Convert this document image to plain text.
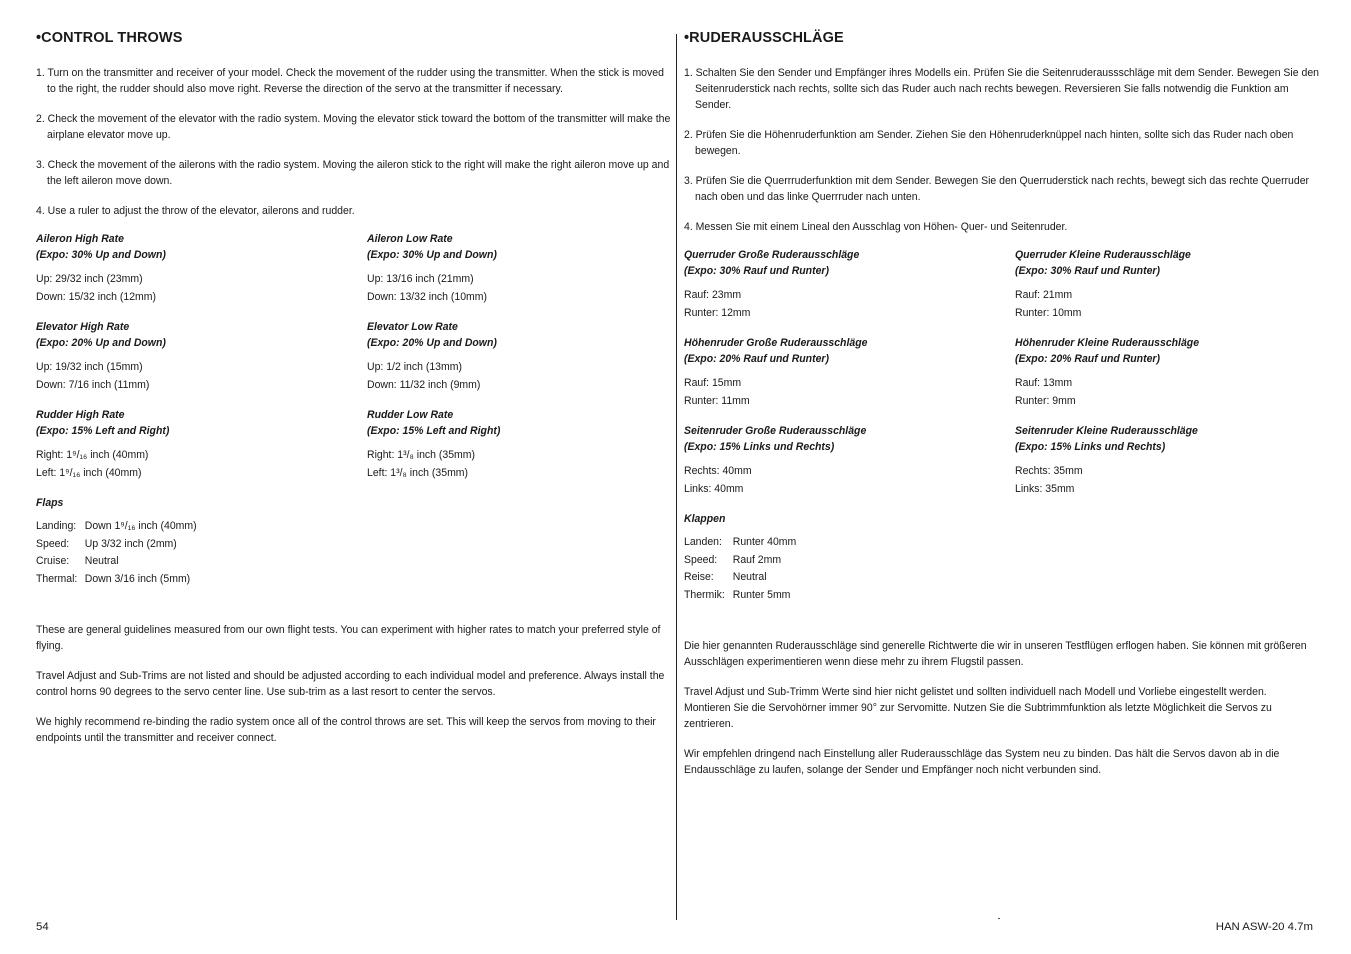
•CONTROL THROWS
1. Turn on the transmitter and receiver of your model. Check the movement of the rudder using the transmitter. When the stick is moved to the right, the rudder should also move right. Reverse the direction of the servo at the transmitter if necessary.
2. Check the movement of the elevator with the radio system. Moving the elevator stick toward the bottom of the transmitter will make the airplane elevator move up.
3. Check the movement of the ailerons with the radio system. Moving the aileron stick to the right will make the right aileron move up and the left aileron move down.
4. Use a ruler to adjust the throw of the elevator, ailerons and rudder.
Aileron High Rate
(Expo: 30% Up and Down)
Up: 29/32 inch (23mm)
Down: 15/32 inch (12mm)
Aileron Low Rate
(Expo: 30% Up and Down)
Up: 13/16 inch (21mm)
Down: 13/32 inch (10mm)
Elevator High Rate
(Expo: 20% Up and Down)
Up: 19/32 inch (15mm)
Down: 7/16 inch (11mm)
Elevator Low Rate
(Expo: 20% Up and Down)
Up: 1/2 inch (13mm)
Down: 11/32 inch (9mm)
Rudder High Rate
(Expo: 15% Left and Right)
Right: 1⁹/₁₆ inch (40mm)
Left: 1⁹/₁₆ inch (40mm)
Rudder Low Rate
(Expo: 15% Left and Right)
Right: 1³/₈ inch (35mm)
Left: 1³/₈ inch (35mm)
Flaps
Landing: Down 1⁹/₁₆ inch (40mm)
Speed:	Up 3/32 inch (2mm)
Cruise:	Neutral
Thermal: Down 3/16 inch (5mm)

These are general guidelines measured from our own flight tests. You can experiment with higher rates to match your preferred style of flying.

Travel Adjust and Sub-Trims are not listed and should be adjusted according to each individual model and preference. Always install the control horns 90 degrees to the servo center line. Use sub-trim as a last resort to center the servos.

We highly recommend re-binding the radio system once all of the control throws are set. This will keep the servos from moving to their endpoints until the transmitter and receiver connect.

•RUDERAUSSCHLÄGE
1. Schalten Sie den Sender und Empfänger ihres Modells ein. Prüfen Sie die Seitenruderaussschläge mit dem Sender. Bewegen Sie den Seitenruderstick nach rechts, sollte sich das Ruder auch nach rechts bewegen. Reversieren Sie falls notwendig die Funktion am Sender.
2. Prüfen Sie die Höhenruderfunktion am Sender. Ziehen Sie den Höhenruderknüppel nach hinten, sollte sich das Ruder nach oben bewegen.
3. Prüfen Sie die Querrruderfunktion mit dem Sender. Bewegen Sie den Querruderstick nach rechts, bewegt sich das rechte Querruder nach oben und das linke Querrruder nach unten.
4. Messen Sie mit einem Lineal den Ausschlag von Höhen- Quer- und Seitenruder.
Querruder Große Ruderausschläge
(Expo: 30% Rauf und Runter)
Rauf: 23mm
Runter: 12mm
Querruder Kleine Ruderausschläge
(Expo: 30% Rauf und Runter)
Rauf: 21mm
Runter: 10mm
Höhenruder Große Ruderausschläge
(Expo: 20% Rauf und Runter)
Rauf: 15mm
Runter: 11mm
Höhenruder Kleine Ruderausschläge
(Expo: 20% Rauf und Runter)
Rauf: 13mm
Runter: 9mm
Seitenruder Große Ruderausschläge
(Expo: 15% Links und Rechts)
Rechts: 40mm
Links: 40mm
Seitenruder Kleine Ruderausschläge
(Expo: 15% Links und Rechts)
Rechts: 35mm
Links: 35mm
Klappen
Landen: Runter 40mm
Speed:	Rauf 2mm
Reise:	Neutral
Thermik: Runter 5mm

Die hier genannten Ruderausschläge sind generelle Richtwerte die wir in unseren Testflügen erflogen haben. Sie können mit größeren Ausschlägen experimentieren wenn diese mehr zu ihrem Flugstil passen.

Travel Adjust und Sub-Trimm Werte sind hier nicht gelistet und sollten individuell nach Modell und Vorliebe eingestellt werden. Montieren Sie die Servohörner immer 90° zur Servomitte. Nutzen Sie die Subtrimmfunktion als letzte Möglichkeit die Servos zu zentrieren.

Wir empfehlen dringend nach Einstellung aller Ruderausschläge das System neu zu binden. Das hält die Servos davon ab in die Endausschläge zu laufen, solange der Sender und Empfänger noch nicht verbunden sind.

54	HAN ASW-20 4.7m
